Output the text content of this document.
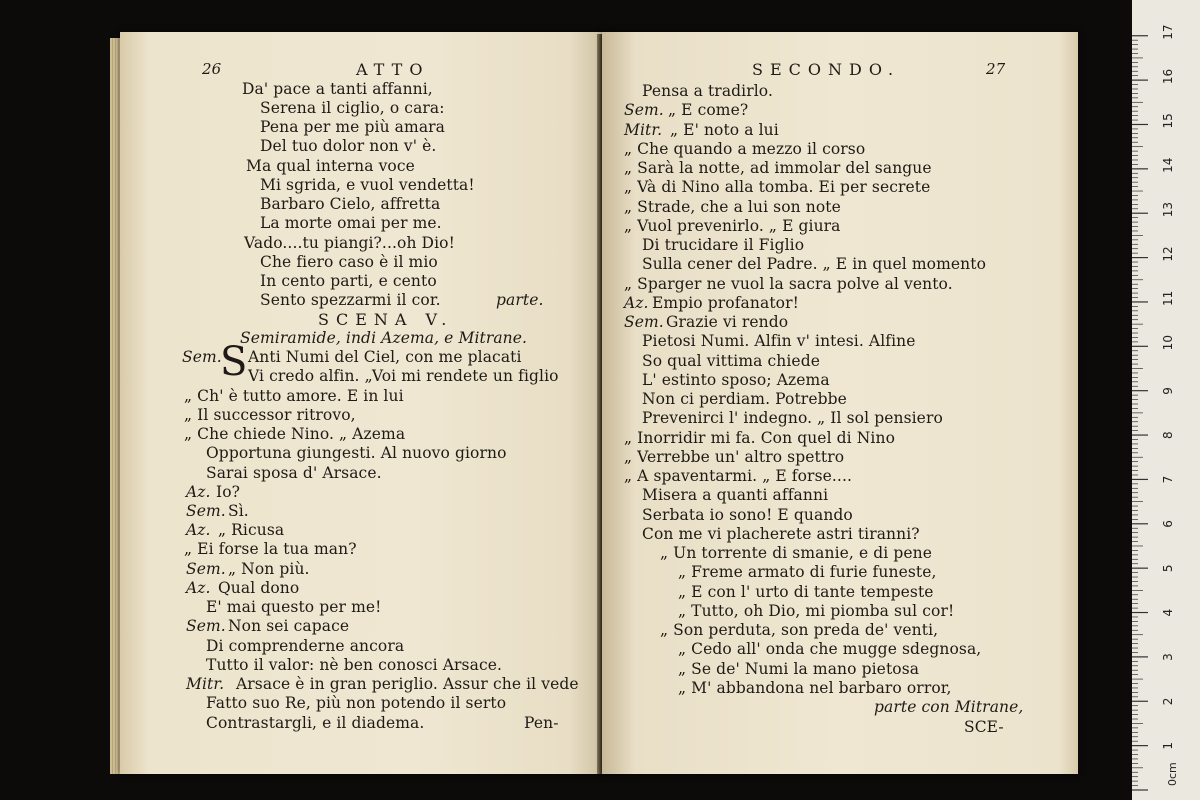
26	ATTO
Da' pace a tanti affanni,
Serena il ciglio, o cara:
Pena per me più amara
Del tuo dolor non v' è.
Ma qual interna voce
Mi sgrida, e vuol vendetta!
Barbaro Cielo, affretta
La morte omai per me.
Vado....tu piangi?...oh Dio!
Che fiero caso è il mio
In cento parti, e cento
Sento spezzarmi il cor.	parte.
SCENA V.
Semiramide, indi Azema, e Mitrane.
Sem.
S Anti Numi del Ciel, con me placati
Vi credo alfin. „Voi mi rendete un figlio
„ Ch' è tutto amore. E in lui
„ Il successor ritrovo,
„ Che chiede Nino. „ Azema
Opportuna giungesti. Al nuovo giorno
Sarai sposa d' Arsace.
Az. Io?
Sem. Sì.
Az. „ Ricusa
„ Ei forse la tua man?
Sem. „ Non più.
Az. Qual dono
E' mai questo per me!
Sem. Non sei capace
Di comprenderne ancora
Tutto il valor: nè ben conosci Arsace.
Mitr. Arsace è in gran periglio. Assur che il vede
Fatto suo Re, più non potendo il serto
Contrastargli, e il diadema.	Pen-
SECONDO.	27
Pensa a tradirlo.
Sem. „ E come?
Mitr. „ E' noto a lui
„ Che quando a mezzo il corso
„ Sarà la notte, ad immolar del sangue
„ Và di Nino alla tomba. Ei per secrete
„ Strade, che a lui son note
„ Vuol prevenirlo. „ E giura
Di trucidare il Figlio
Sulla cener del Padre. „ E in quel momento
„ Sparger ne vuol la sacra polve al vento.
Az. Empio profanator!
Sem. Grazie vi rendo
Pietosi Numi. Alfin v' intesi. Alfine
So qual vittima chiede
L' estinto sposo; Azema
Non ci perdiam. Potrebbe
Prevenirci l' indegno. „ Il sol pensiero
„ Inorridir mi fa. Con quel di Nino
„ Verrebbe un' altro spettro
„ A spaventarmi. „ E forse....
Misera a quanti affanni
Serbata io sono! E quando
Con me vi placherete astri tiranni?
„ Un torrente di smanie, e di pene
„ Freme armato di furie funeste,
„ E con l' urto di tante tempeste
„ Tutto, oh Dio, mi piomba sul cor!
„ Son perduta, son preda de' venti,
„ Cedo all' onda che mugge sdegnosa,
„ Se de' Numi la mano pietosa
„ M' abbandona nel barbaro orror,
parte con Mitrane,
SCE-
0cm
1
2
3
4
5
6
7
8
9
10
11
12
13
14
15
16
17
